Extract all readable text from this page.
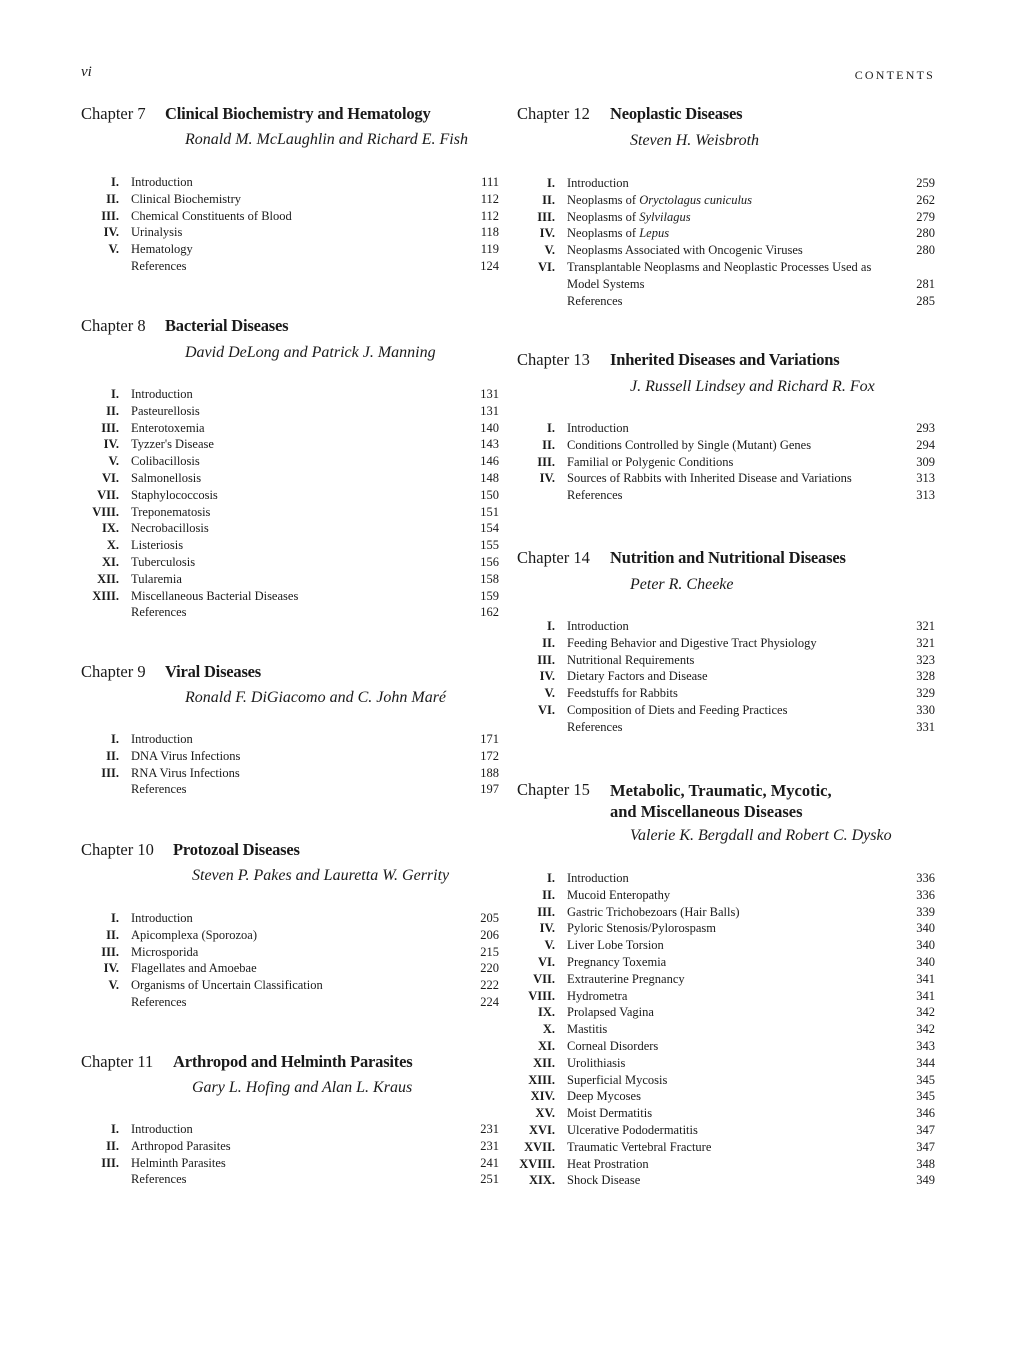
vi	CONTENTS
Chapter 7 Clinical Biochemistry and Hematology
Ronald M. McLaughlin and Richard E. Fish
I. Introduction	111
II. Clinical Biochemistry	112
III. Chemical Constituents of Blood	112
IV. Urinalysis	118
V. Hematology	119
References	124
Chapter 8 Bacterial Diseases
David DeLong and Patrick J. Manning
I. Introduction	131
II. Pasteurellosis	131
III. Enterotoxemia	140
IV. Tyzzer's Disease	143
V. Colibacillosis	146
VI. Salmonellosis	148
VII. Staphylococcosis	150
VIII. Treponematosis	151
IX. Necrobacillosis	154
X. Listeriosis	155
XI. Tuberculosis	156
XII. Tularemia	158
XIII. Miscellaneous Bacterial Diseases	159
References	162
Chapter 9 Viral Diseases
Ronald F. DiGiacomo and C. John Maré
I. Introduction	171
II. DNA Virus Infections	172
III. RNA Virus Infections	188
References	197
Chapter 10 Protozoal Diseases
Steven P. Pakes and Lauretta W. Gerrity
I. Introduction	205
II. Apicomplexa (Sporozoa)	206
III. Microsporida	215
IV. Flagellates and Amoebae	220
V. Organisms of Uncertain Classification	222
References	224
Chapter 11 Arthropod and Helminth Parasites
Gary L. Hofing and Alan L. Kraus
I. Introduction	231
II. Arthropod Parasites	231
III. Helminth Parasites	241
References	251
Chapter 12 Neoplastic Diseases
Steven H. Weisbroth
I. Introduction	259
II. Neoplasms of Oryctolagus cuniculus	262
III. Neoplasms of Sylvilagus	279
IV. Neoplasms of Lepus	280
V. Neoplasms Associated with Oncogenic Viruses	280
VI. Transplantable Neoplasms and Neoplastic Processes Used as Model Systems	281
References	285
Chapter 13 Inherited Diseases and Variations
J. Russell Lindsey and Richard R. Fox
I. Introduction	293
II. Conditions Controlled by Single (Mutant) Genes	294
III. Familial or Polygenic Conditions	309
IV. Sources of Rabbits with Inherited Disease and Variations	313
References	313
Chapter 14 Nutrition and Nutritional Diseases
Peter R. Cheeke
I. Introduction	321
II. Feeding Behavior and Digestive Tract Physiology	321
III. Nutritional Requirements	323
IV. Dietary Factors and Disease	328
V. Feedstuffs for Rabbits	329
VI. Composition of Diets and Feeding Practices	330
References	331
Chapter 15 Metabolic, Traumatic, Mycotic,
and Miscellaneous Diseases
Valerie K. Bergdall and Robert C. Dysko
I. Introduction	336
II. Mucoid Enteropathy	336
III. Gastric Trichobezoars (Hair Balls)	339
IV. Pyloric Stenosis/Pylorospasm	340
V. Liver Lobe Torsion	340
VI. Pregnancy Toxemia	340
VII. Extrauterine Pregnancy	341
VIII. Hydrometra	341
IX. Prolapsed Vagina	342
X. Mastitis	342
XI. Corneal Disorders	343
XII. Urolithiasis	344
XIII. Superficial Mycosis	345
XIV. Deep Mycoses	345
XV. Moist Dermatitis	346
XVI. Ulcerative Pododermatitis	347
XVII. Traumatic Vertebral Fracture	347
XVIII. Heat Prostration	348
XIX. Shock Disease	349
